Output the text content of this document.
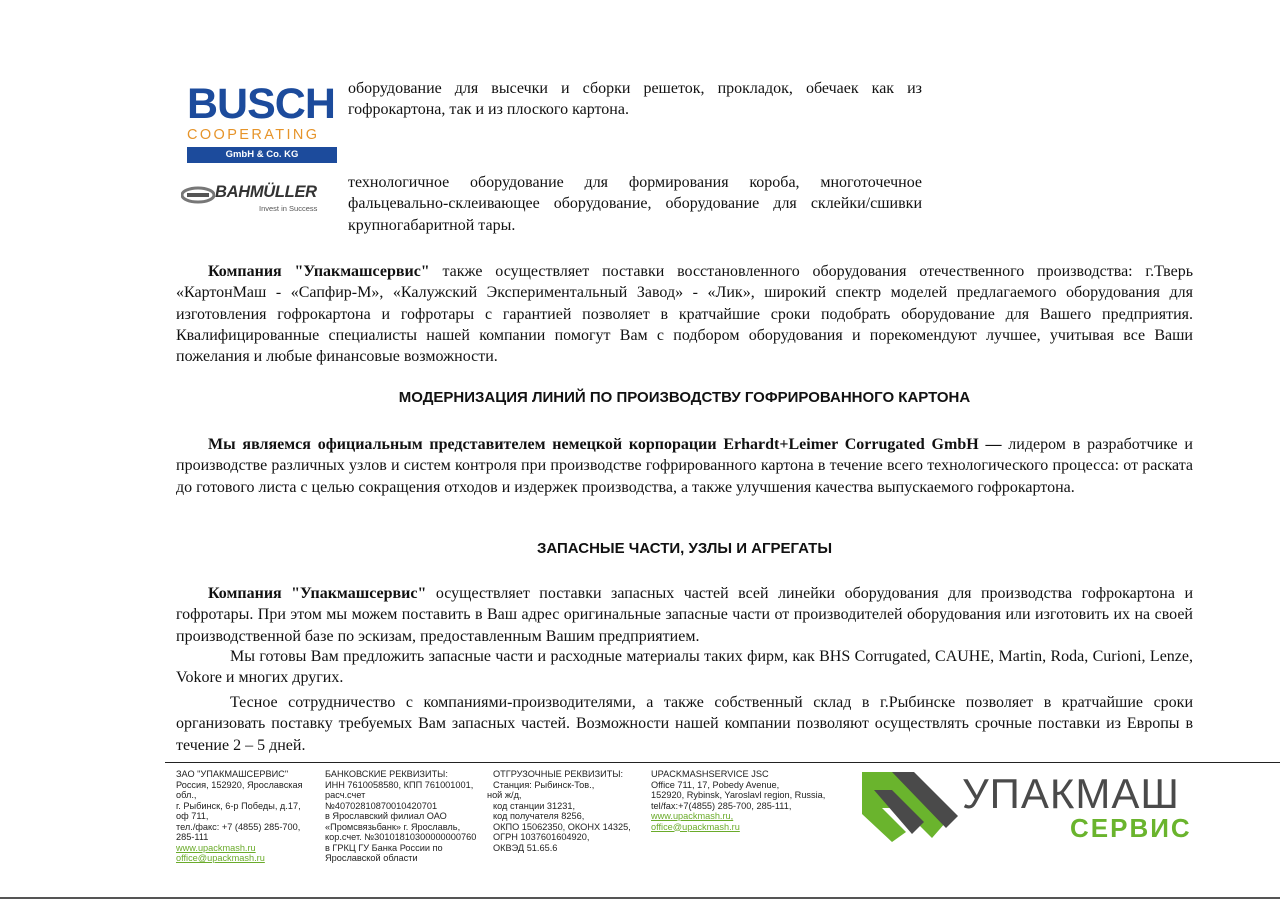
BUSCH
COOPERATING
GmbH & Co. KG

оборудование для высечки и сборки решеток, прокладок, обечаек как из гофрокартона, так и из плоского картона.

BAHMÜLLER
Invest in Success

технологичное оборудование для формирования короба, многоточечное фальцевально-склеивающее оборудование, оборудование для склейки/сшивки крупногабаритной тары.

Компания "Упакмашсервис" также осуществляет поставки восстановленного оборудования отечественного производства: г.Тверь «КартонМаш - «Сапфир-М», «Калужский Экспериментальный Завод» - «Лик», широкий спектр моделей предлагаемого оборудования для изготовления гофрокартона и гофротары с гарантией позволяет в кратчайшие сроки подобрать оборудование для Вашего предприятия. Квалифицированные специалисты нашей компании помогут Вам с подбором оборудования и порекомендуют лучшее, учитывая все Ваши пожелания и любые финансовые возможности.

МОДЕРНИЗАЦИЯ ЛИНИЙ ПО ПРОИЗВОДСТВУ ГОФРИРОВАННОГО КАРТОНА

Мы являемся официальным представителем немецкой корпорации Erhardt+Leimer Corrugated GmbH — лидером в разработчике и производстве различных узлов и систем контроля при производстве гофрированного картона в течение всего технологического процесса: от раската до готового листа с целью сокращения отходов и издержек производства, а также улучшения качества выпускаемого гофрокартона.

ЗАПАСНЫЕ ЧАСТИ, УЗЛЫ И АГРЕГАТЫ

Компания "Упакмашсервис" осуществляет поставки запасных частей всей линейки оборудования для производства гофрокартона и гофротары. При этом мы можем поставить в Ваш адрес оригинальные запасные части от производителей оборудования или изготовить их на своей производственной базе по эскизам, предоставленным Вашим предприятием.

Мы готовы Вам предложить запасные части и расходные материалы таких фирм, как BHS Corrugated, CAUHE, Martin, Roda, Curioni, Lenze, Vokore и многих других.

Тесное сотрудничество с компаниями-производителями, а также собственный склад в г.Рыбинске позволяет в кратчайшие сроки организовать поставку требуемых Вам запасных частей. Возможности нашей компании позволяют осуществлять срочные поставки из Европы в течение 2 – 5 дней.

ЗАО "УПАКМАШСЕРВИС"
Россия, 152920, Ярославская
обл.,
г. Рыбинск, 6-р Победы, д.17,
оф 711,
тел./факс: +7 (4855) 285-700,
285-111
www.upackmash.ru
office@upackmash.ru
БАНКОВСКИЕ РЕКВИЗИТЫ:
ИНН 7610058580, КПП 761001001,
расч.счет
№40702810870010420701
в Ярославский филиал ОАО
«Промсвязьбанк» г. Ярославль,
кор.счет. №30101810300000000760
в ГРКЦ ГУ Банка России по
Ярославской области
ОТГРУЗОЧНЫЕ РЕКВИЗИТЫ:
Станция: Рыбинск-Тов.,
ной ж/д,
код станции 31231,
код получателя 8256,
ОКПО 15062350, ОКОНХ 14325,
ОГРН 1037601604920,
ОКВЭД 51.65.6
UPACKMASHSERVICE JSC
Office 711, 17, Pobedy Avenue,
152920, Rybinsk, Yaroslavl region, Russia,
tel/fax:+7(4855) 285-700, 285-111,
www.upackmash.ru,
office@upackmash.ru
УПАКМАШ
СЕРВИС
